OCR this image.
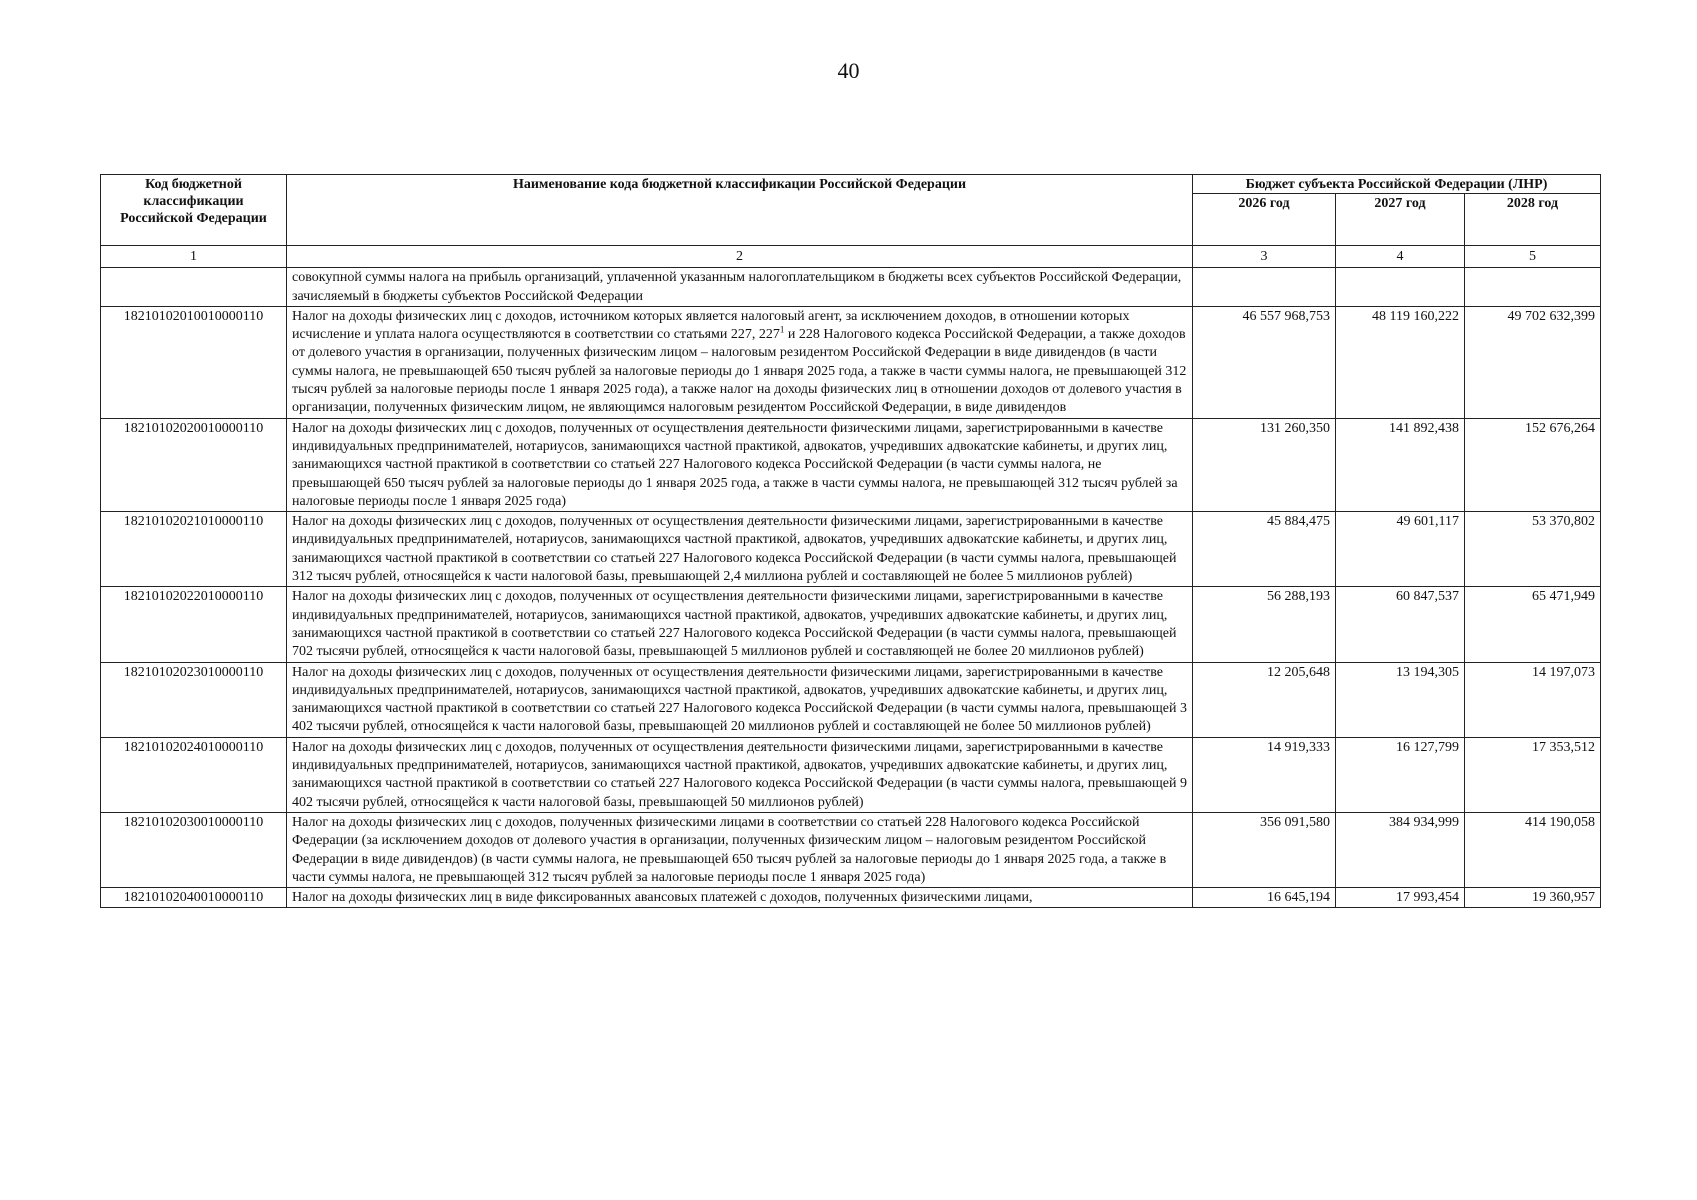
40
Код бюджетной классификации Российской Федерации	Наименование кода бюджетной классификации Российской Федерации	Бюджет субъекта Российской Федерации (ЛНР)		
		2026 год	2027 год	2028 год
1	2	3	4	5
	совокупной суммы налога на прибыль организаций, уплаченной указанным налогоплательщиком в бюджеты всех субъектов Российской Федерации, зачисляемый в бюджеты субъектов Российской Федерации			
18210102010010000110	Налог на доходы физических лиц с доходов, источником которых является налоговый агент, за исключением доходов, в отношении которых исчисление и уплата налога осуществляются в соответствии со статьями 227, $227^1$ и 228 Налогового кодекса Российской Федерации, а также доходов от долевого участия в организации, полученных физическим лицом – налоговым резидентом Российской Федерации в виде дивидендов (в части суммы налога, не превышающей 650 тысяч рублей за налоговые периоды до 1 января 2025 года, а также в части суммы налога, не превышающей 312 тысяч рублей за налоговые периоды после 1 января 2025 года), а также налог на доходы физических лиц в отношении доходов от долевого участия в организации, полученных физическим лицом, не являющимся налоговым резидентом Российской Федерации, в виде дивидендов	46 557 968,753	48 119 160,222	49 702 632,399
18210102020010000110	Налог на доходы физических лиц с доходов, полученных от осуществления деятельности физическими лицами, зарегистрированными в качестве индивидуальных предпринимателей, нотариусов, занимающихся частной практикой, адвокатов, учредивших адвокатские кабинеты, и других лиц, занимающихся частной практикой в соответствии со статьей 227 Налогового кодекса Российской Федерации (в части суммы налога, не превышающей 650 тысяч рублей за налоговые периоды до 1 января 2025 года, а также в части суммы налога, не превышающей 312 тысяч рублей за налоговые периоды после 1 января 2025 года)	131 260,350	141 892,438	152 676,264
18210102021010000110	Налог на доходы физических лиц с доходов, полученных от осуществления деятельности физическими лицами, зарегистрированными в качестве индивидуальных предпринимателей, нотариусов, занимающихся частной практикой, адвокатов, учредивших адвокатские кабинеты, и других лиц, занимающихся частной практикой в соответствии со статьей 227 Налогового кодекса Российской Федерации (в части суммы налога, превышающей 312 тысяч рублей, относящейся к части налоговой базы, превышающей 2,4 миллиона рублей и составляющей не более 5 миллионов рублей)	45 884,475	49 601,117	53 370,802
18210102022010000110	Налог на доходы физических лиц с доходов, полученных от осуществления деятельности физическими лицами, зарегистрированными в качестве индивидуальных предпринимателей, нотариусов, занимающихся частной практикой, адвокатов, учредивших адвокатские кабинеты, и других лиц, занимающихся частной практикой в соответствии со статьей 227 Налогового кодекса Российской Федерации (в части суммы налога, превышающей 702 тысячи рублей, относящейся к части налоговой базы, превышающей 5 миллионов рублей и составляющей не более 20 миллионов рублей)	56 288,193	60 847,537	65 471,949
18210102023010000110	Налог на доходы физических лиц с доходов, полученных от осуществления деятельности физическими лицами, зарегистрированными в качестве индивидуальных предпринимателей, нотариусов, занимающихся частной практикой, адвокатов, учредивших адвокатские кабинеты, и других лиц, занимающихся частной практикой в соответствии со статьей 227 Налогового кодекса Российской Федерации (в части суммы налога, превышающей 3 402 тысячи рублей, относящейся к части налоговой базы, превышающей 20 миллионов рублей и составляющей не более 50 миллионов рублей)	12 205,648	13 194,305	14 197,073
18210102024010000110	Налог на доходы физических лиц с доходов, полученных от осуществления деятельности физическими лицами, зарегистрированными в качестве индивидуальных предпринимателей, нотариусов, занимающихся частной практикой, адвокатов, учредивших адвокатские кабинеты, и других лиц, занимающихся частной практикой в соответствии со статьей 227 Налогового кодекса Российской Федерации (в части суммы налога, превышающей 9 402 тысячи рублей, относящейся к части налоговой базы, превышающей 50 миллионов рублей)	14 919,333	16 127,799	17 353,512
18210102030010000110	Налог на доходы физических лиц с доходов, полученных физическими лицами в соответствии со статьей 228 Налогового кодекса Российской Федерации (за исключением доходов от долевого участия в организации, полученных физическим лицом – налоговым резидентом Российской Федерации в виде дивидендов) (в части суммы налога, не превышающей 650 тысяч рублей за налоговые периоды до 1 января 2025 года, а также в части суммы налога, не превышающей 312 тысяч рублей за налоговые периоды после 1 января 2025 года)	356 091,580	384 934,999	414 190,058
18210102040010000110	Налог на доходы физических лиц в виде фиксированных авансовых платежей с доходов, полученных физическими лицами,	16 645,194	17 993,454	19 360,957
